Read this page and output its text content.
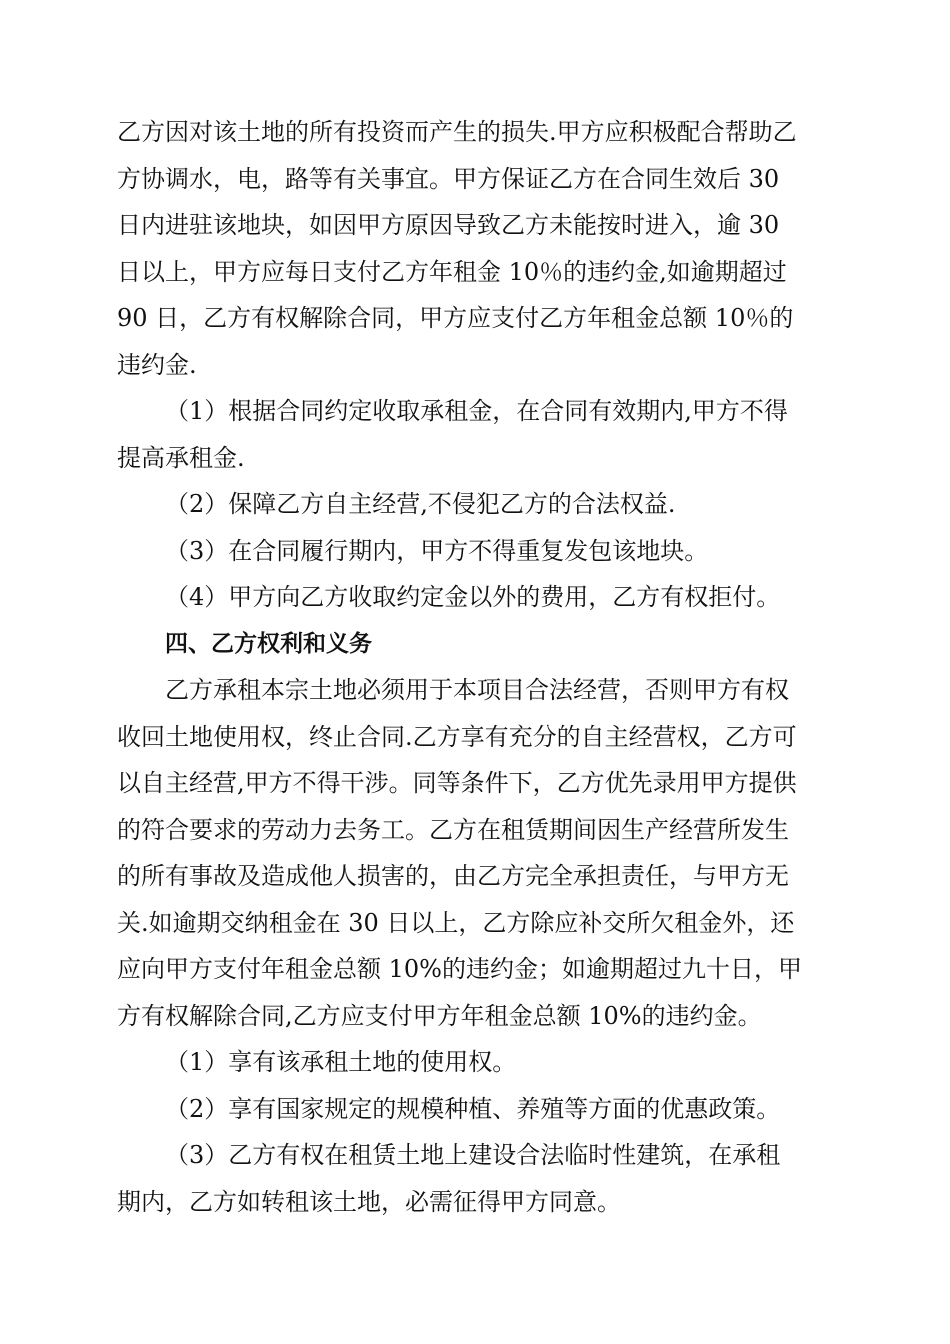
乙方因对该土地的所有投资而产生的损失.甲方应积极配合帮助乙
方协调水，电，路等有关事宜。甲方保证乙方在合同生效后 30
日内进驻该地块，如因甲方原因导致乙方未能按时进入，逾 30
日以上，甲方应每日支付乙方年租金 10％的违约金,如逾期超过
90 日，乙方有权解除合同，甲方应支付乙方年租金总额 10％的
违约金.
（1）根据合同约定收取承租金，在合同有效期内,甲方不得
提高承租金.
（2）保障乙方自主经营,不侵犯乙方的合法权益.
（3）在合同履行期内，甲方不得重复发包该地块。
（4）甲方向乙方收取约定金以外的费用，乙方有权拒付。
四、乙方权利和义务
乙方承租本宗土地必须用于本项目合法经营，否则甲方有权
收回土地使用权，终止合同.乙方享有充分的自主经营权，乙方可
以自主经营,甲方不得干涉。同等条件下，乙方优先录用甲方提供
的符合要求的劳动力去务工。乙方在租赁期间因生产经营所发生
的所有事故及造成他人损害的，由乙方完全承担责任，与甲方无
关.如逾期交纳租金在 30 日以上，乙方除应补交所欠租金外，还
应向甲方支付年租金总额 10%的违约金；如逾期超过九十日，甲
方有权解除合同,乙方应支付甲方年租金总额 10%的违约金。
（1）享有该承租土地的使用权。
（2）享有国家规定的规模种植、养殖等方面的优惠政策。
（3）乙方有权在租赁土地上建设合法临时性建筑，在承租
期内，乙方如转租该土地，必需征得甲方同意。
